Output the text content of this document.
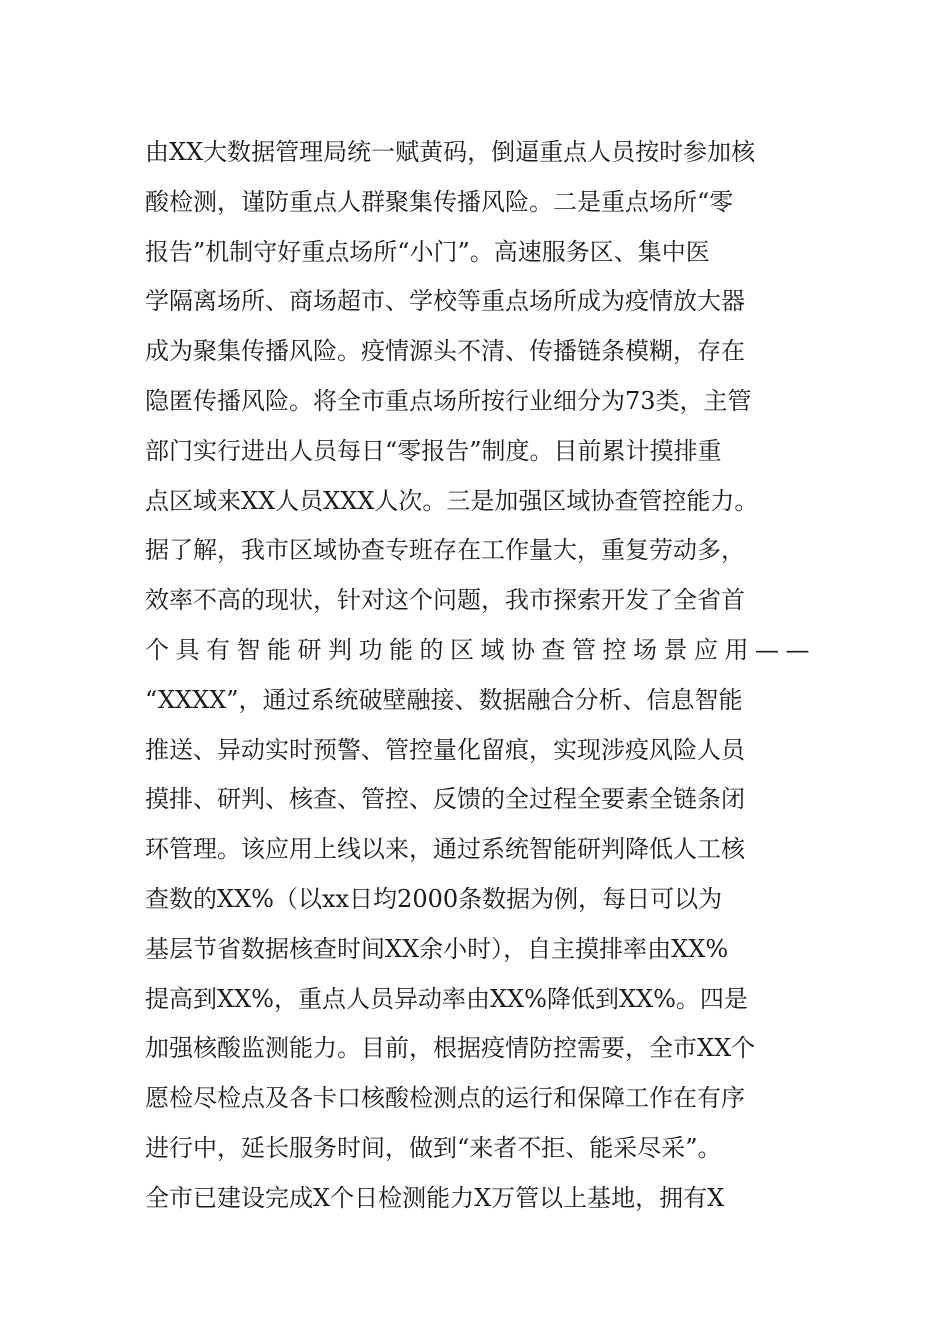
由XX大数据管理局统一赋黄码，倒逼重点人员按时参加核
酸检测，谨防重点人群聚集传播风险。二是重点场所“零
报告”机制守好重点场所“小门”。高速服务区、集中医
学隔离场所、商场超市、学校等重点场所成为疫情放大器
成为聚集传播风险。疫情源头不清、传播链条模糊，存在
隐匿传播风险。将全市重点场所按行业细分为73类，主管
部门实行进出人员每日“零报告”制度。目前累计摸排重
点区域来XX人员XXX人次。三是加强区域协查管控能力。
据了解，我市区域协查专班存在工作量大，重复劳动多，
效率不高的现状，针对这个问题，我市探索开发了全省首
个具有智能研判功能的区域协查管控场景应用——
“XXXX”，通过系统破壁融接、数据融合分析、信息智能
推送、异动实时预警、管控量化留痕，实现涉疫风险人员
摸排、研判、核查、管控、反馈的全过程全要素全链条闭
环管理。该应用上线以来，通过系统智能研判降低人工核
查数的XX%（以xx日均2000条数据为例，每日可以为
基层节省数据核查时间XX余小时），自主摸排率由XX%
提高到XX%，重点人员异动率由XX%降低到XX%。四是
加强核酸监测能力。目前，根据疫情防控需要，全市XX个
愿检尽检点及各卡口核酸检测点的运行和保障工作在有序
进行中，延长服务时间，做到“来者不拒、能采尽采”。
全市已建设完成X个日检测能力X万管以上基地，拥有X
